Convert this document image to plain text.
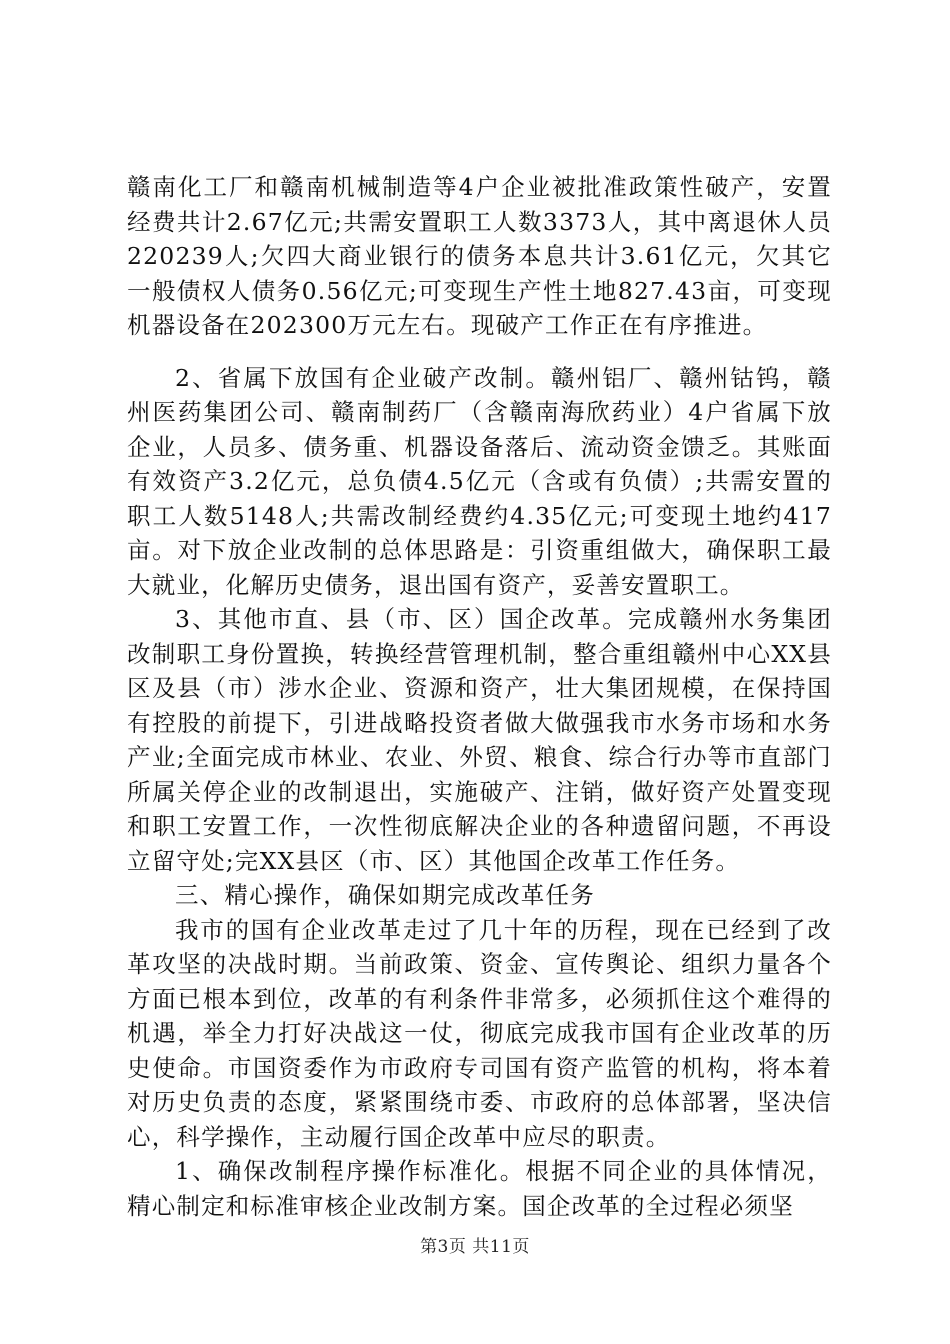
赣南化工厂和赣南机械制造等4户企业被批准政策性破产，安置经费共计2.67亿元;共需安置职工人数3373人，其中离退休人员220239人;欠四大商业银行的债务本息共计3.61亿元，欠其它一般债权人债务0.56亿元;可变现生产性土地827.43亩，可变现机器设备在202300万元左右。现破产工作正在有序推进。

2、省属下放国有企业破产改制。赣州铝厂、赣州钴钨，赣州医药集团公司、赣南制药厂（含赣南海欣药业）4户省属下放企业，人员多、债务重、机器设备落后、流动资金馈乏。其账面有效资产3.2亿元，总负债4.5亿元（含或有负债）;共需安置的职工人数5148人;共需改制经费约4.35亿元;可变现土地约417亩。对下放企业改制的总体思路是：引资重组做大，确保职工最大就业，化解历史债务，退出国有资产，妥善安置职工。

3、其他市直、县（市、区）国企改革。完成赣州水务集团改制职工身份置换，转换经营管理机制，整合重组赣州中心XX县区及县（市）涉水企业、资源和资产，壮大集团规模，在保持国有控股的前提下，引进战略投资者做大做强我市水务市场和水务产业;全面完成市林业、农业、外贸、粮食、综合行办等市直部门所属关停企业的改制退出，实施破产、注销，做好资产处置变现和职工安置工作，一次性彻底解决企业的各种遗留问题，不再设立留守处;完XX县区（市、区）其他国企改革工作任务。

三、精心操作，确保如期完成改革任务

我市的国有企业改革走过了几十年的历程，现在已经到了改革攻坚的决战时期。当前政策、资金、宣传舆论、组织力量各个方面已根本到位，改革的有利条件非常多，必须抓住这个难得的机遇，举全力打好决战这一仗，彻底完成我市国有企业改革的历史使命。市国资委作为市政府专司国有资产监管的机构，将本着对历史负责的态度，紧紧围绕市委、市政府的总体部署，坚决信心，科学操作，主动履行国企改革中应尽的职责。

1、确保改制程序操作标准化。根据不同企业的具体情况，精心制定和标准审核企业改制方案。国企改革的全过程必须坚

第3页 共11页
